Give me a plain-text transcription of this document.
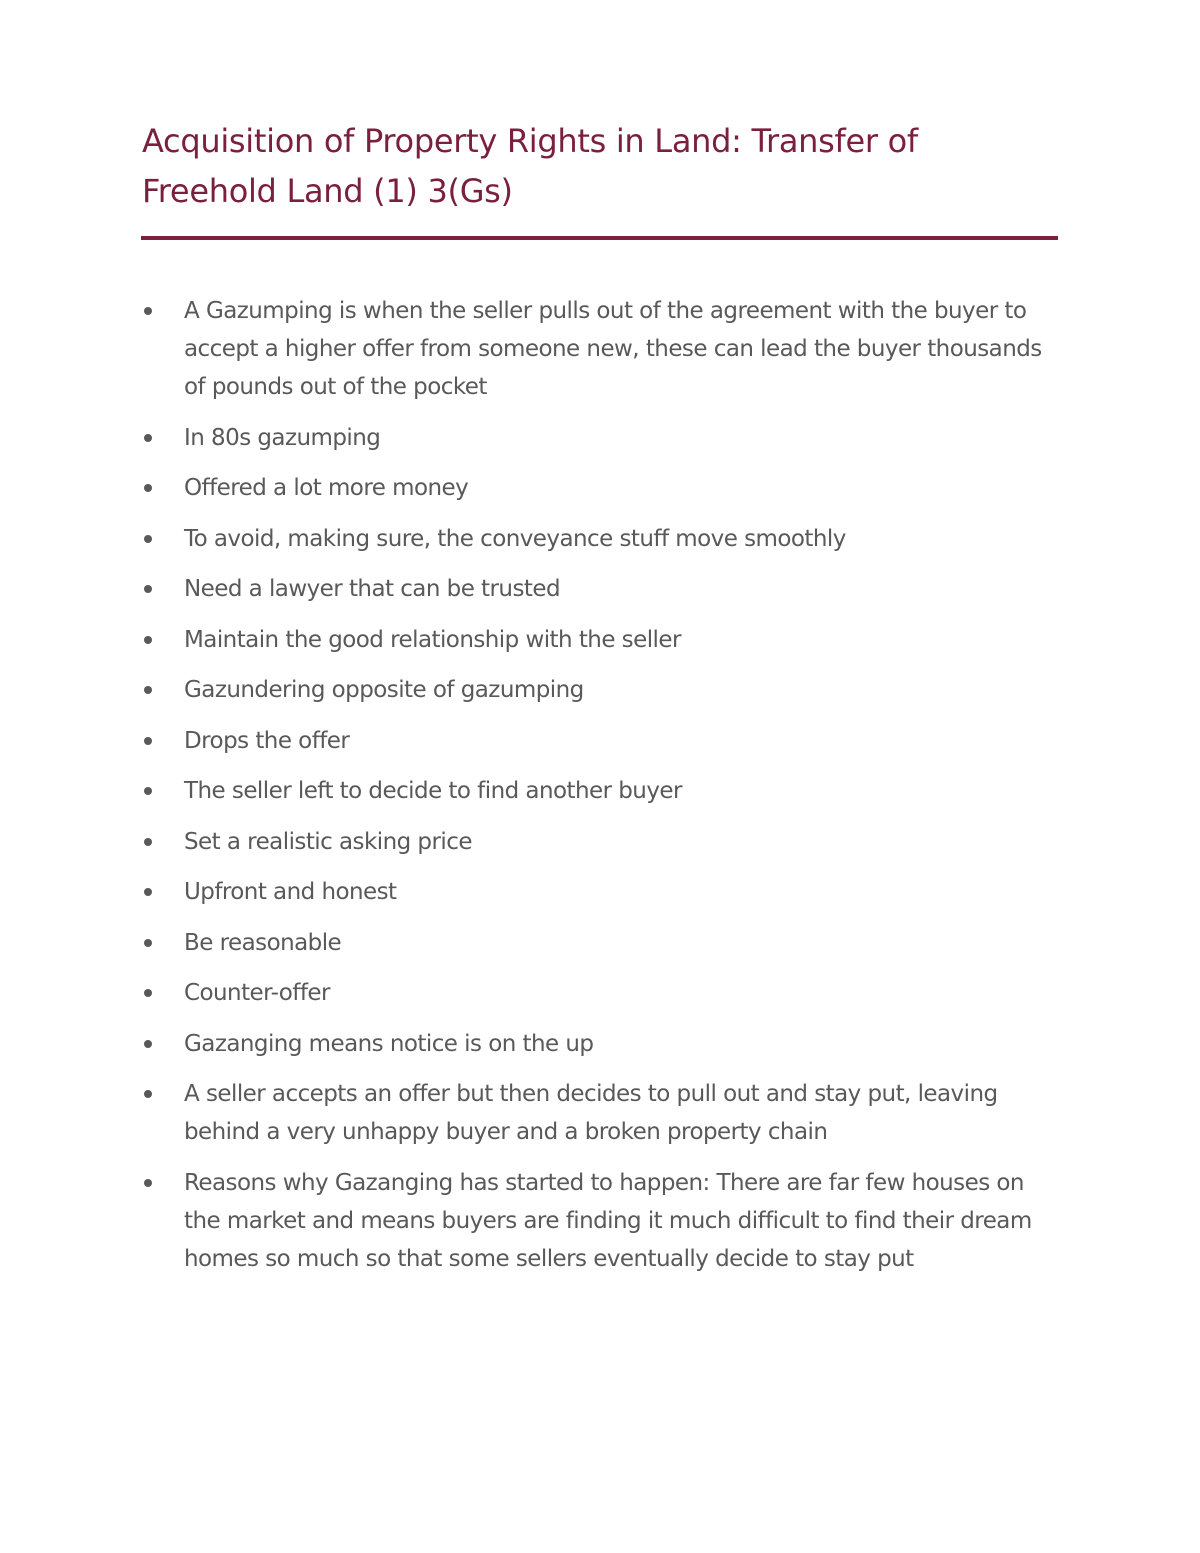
Acquisition of Property Rights in Land: Transfer of Freehold Land (1) 3(Gs)
A Gazumping is when the seller pulls out of the agreement with the buyer to accept a higher offer from someone new, these can lead the buyer thousands of pounds out of the pocket
In 80s gazumping
Offered a lot more money
To avoid, making sure, the conveyance stuff move smoothly
Need a lawyer that can be trusted
Maintain the good relationship with the seller
Gazundering opposite of gazumping
Drops the offer
The seller left to decide to find another buyer
Set a realistic asking price
Upfront and honest
Be reasonable
Counter-offer
Gazanging means notice is on the up
A seller accepts an offer but then decides to pull out and stay put, leaving behind a very unhappy buyer and a broken property chain
Reasons why Gazanging has started to happen: There are far few houses on the market and means buyers are finding it much difficult to find their dream homes so much so that some sellers eventually decide to stay put
